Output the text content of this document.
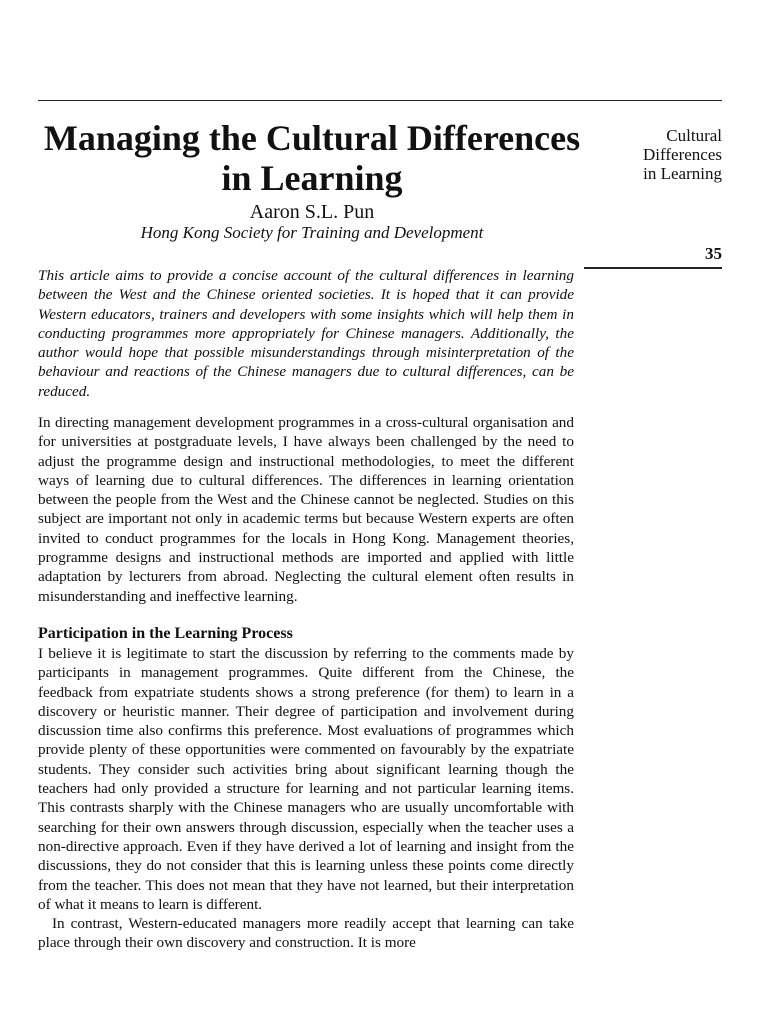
Managing the Cultural Differences in Learning
Aaron S.L. Pun
Hong Kong Society for Training and Development
Cultural
Differences
in Learning
35

This article aims to provide a concise account of the cultural differences in learning between the West and the Chinese oriented societies. It is hoped that it can provide Western educators, trainers and developers with some insights which will help them in conducting programmes more appropriately for Chinese managers. Additionally, the author would hope that possible misunderstandings through misinterpretation of the behaviour and reactions of the Chinese managers due to cultural differences, can be reduced.

In directing management development programmes in a cross-cultural organisation and for universities at postgraduate levels, I have always been challenged by the need to adjust the programme design and instructional methodologies, to meet the different ways of learning due to cultural differences. The differences in learning orientation between the people from the West and the Chinese cannot be neglected. Studies on this subject are important not only in academic terms but because Western experts are often invited to conduct programmes for the locals in Hong Kong. Management theories, programme designs and instructional methods are imported and applied with little adaptation by lecturers from abroad. Neglecting the cultural element often results in misunderstanding and ineffective learning.

Participation in the Learning Process

I believe it is legitimate to start the discussion by referring to the comments made by participants in management programmes. Quite different from the Chinese, the feedback from expatriate students shows a strong preference (for them) to learn in a discovery or heuristic manner. Their degree of participation and involvement during discussion time also confirms this preference. Most evaluations of programmes which provide plenty of these opportunities were commented on favourably by the expatriate students. They consider such activities bring about significant learning though the teachers had only provided a structure for learning and not particular learning items. This contrasts sharply with the Chinese managers who are usually uncomfortable with searching for their own answers through discussion, especially when the teacher uses a non-directive approach. Even if they have derived a lot of learning and insight from the discussions, they do not consider that this is learning unless these points come directly from the teacher. This does not mean that they have not learned, but their interpretation of what it means to learn is different.

In contrast, Western-educated managers more readily accept that learning can take place through their own discovery and construction. It is more
